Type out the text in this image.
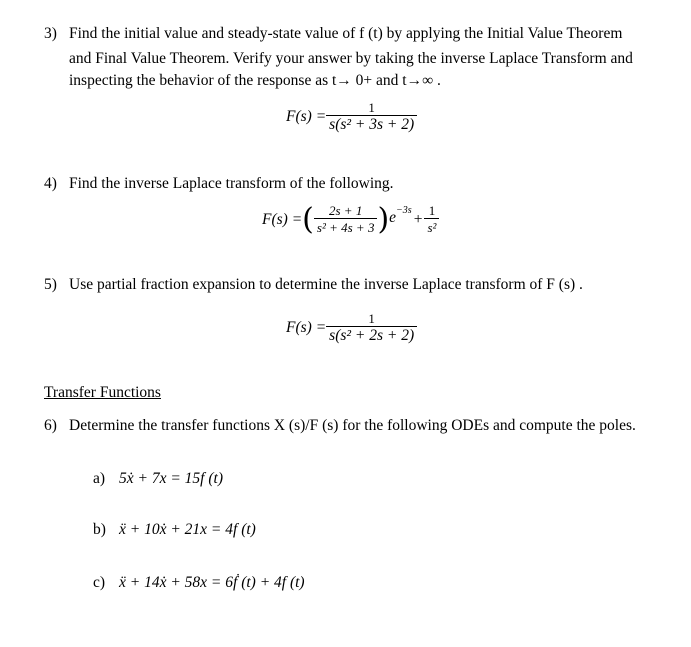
3) Find the initial value and steady-state value of f (t) by applying the Initial Value Theorem
and Final Value Theorem. Verify your answer by taking the inverse Laplace Transform and
inspecting the behavior of the response as t→ 0+ and t→∞ .
$F(s) = \frac{1}{\text{s(s² + 3s + 2)}}$
4) Find the inverse Laplace transform of the following.
F(s) = ( $\frac{2s + 1}{\text{s² + 4s + 3}}$ ) $e -3s + \frac{1}{\text{s²}}$
5) Use partial fraction expansion to determine the inverse Laplace transform of F (s) .
$F(s) = \frac{1}{\text{s(s² + 2s + 2)}}$
Transfer Functions
6) Determine the transfer functions X (s)/F (s) for the following ODEs and compute the poles.
a) 5ẋ + 7x = 15f (t)
b) ẍ + 10ẋ + 21x = 4f (t)
c) ẍ + 14ẋ + 58x = 6ḟ (t) + 4f (t)
